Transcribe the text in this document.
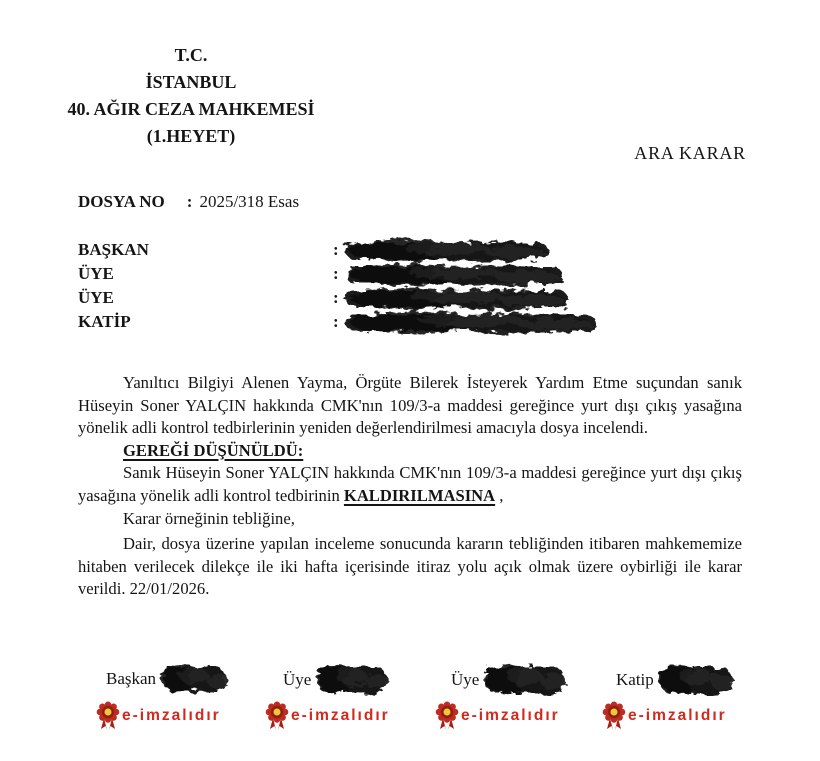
T.C.
İSTANBUL
40. AĞIR CEZA MAHKEMESİ
(1.HEYET)
ARA KARAR
DOSYA NO : 2025/318 Esas
BAŞKAN	:
ÜYE	:
ÜYE	:
KATİP	:

Yanıltıcı Bilgiyi Alenen Yayma, Örgüte Bilerek İsteyerek Yardım Etme suçundan sanık Hüseyin Soner YALÇIN hakkında CMK'nın 109/3-a maddesi gereğince yurt dışı çıkış yasağına yönelik adli kontrol tedbirlerinin yeniden değerlendirilmesi amacıyla dosya incelendi.

GEREĞİ DÜŞÜNÜLDÜ:

Sanık Hüseyin Soner YALÇIN hakkında CMK'nın 109/3-a maddesi gereğince yurt dışı çıkış yasağına yönelik adli kontrol tedbirinin KALDIRILMASINA ,

Karar örneğinin tebliğine,

Dair, dosya üzerine yapılan inceleme sonucunda kararın tebliğinden itibaren mahkememize hitaben verilecek dilekçe ile iki hafta içerisinde itiraz yolu açık olmak üzere oybirliği ile karar verildi. 22/01/2026.

Başkan
e-imzalıdır
Üye
e-imzalıdır
Üye
e-imzalıdır
Katip
e-imzalıdır
